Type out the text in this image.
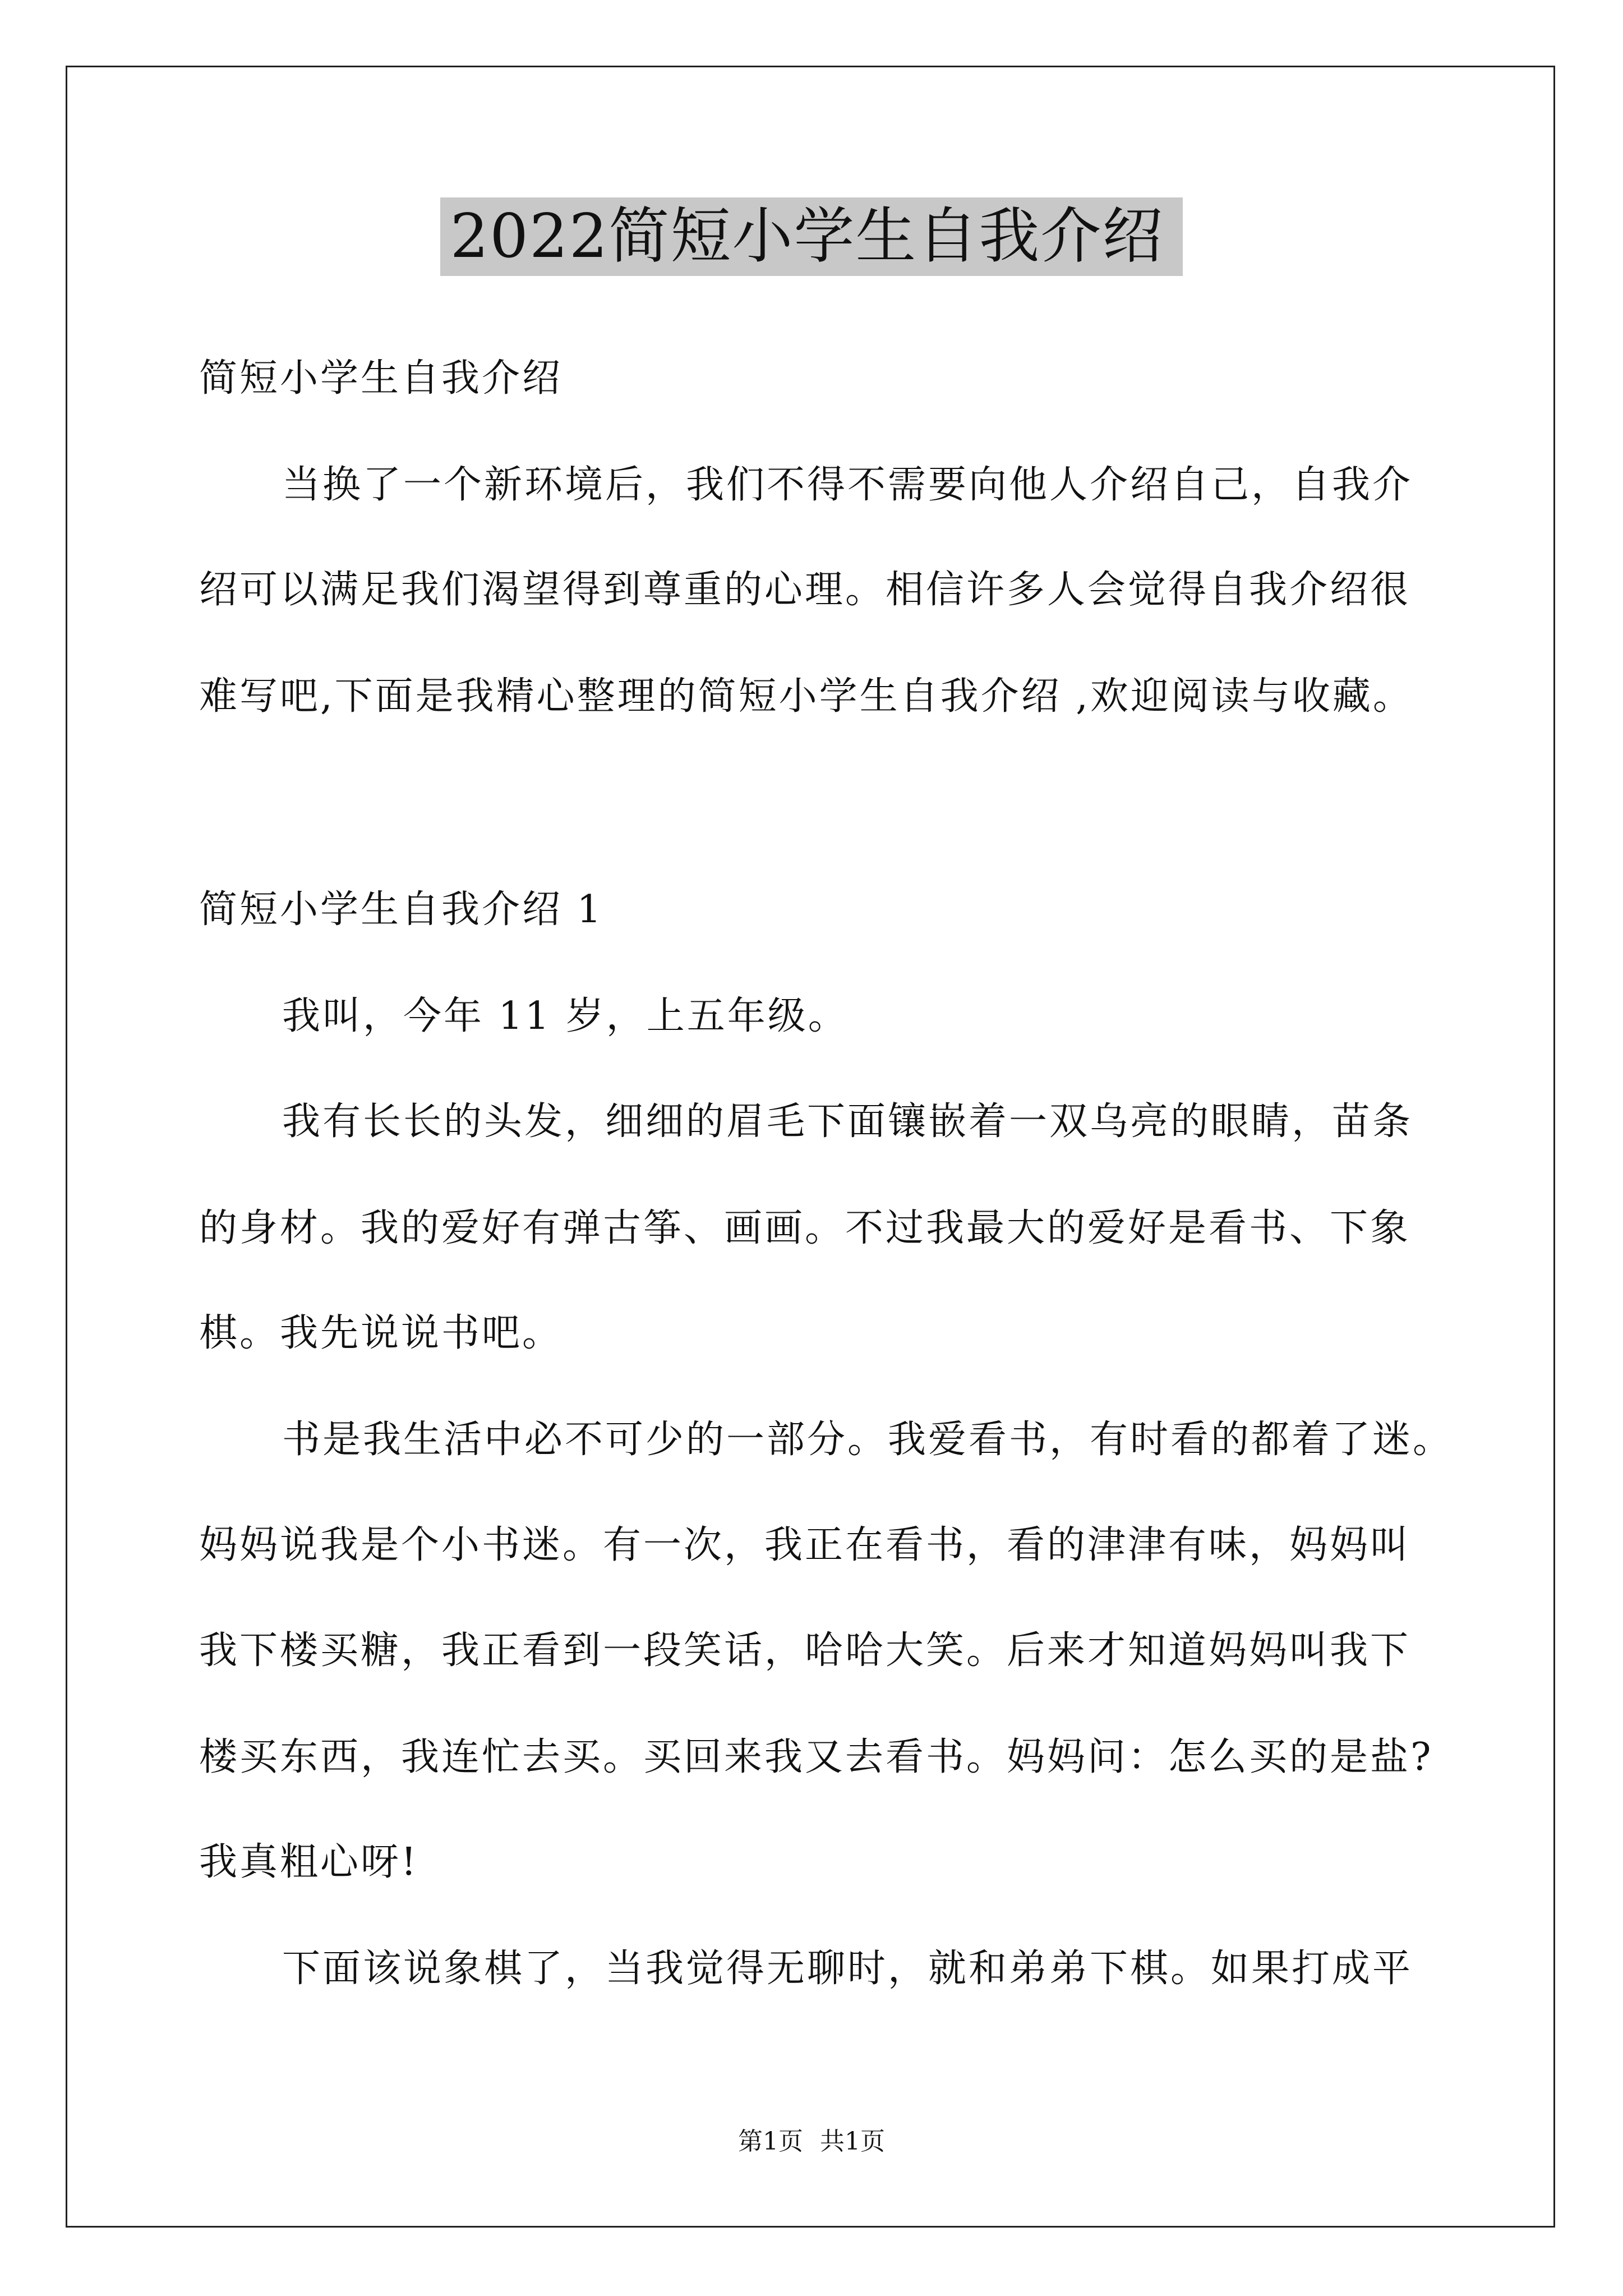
2022简短小学生自我介绍
简短小学生自我介绍
当换了一个新环境后，我们不得不需要向他人介绍自己，自我介
绍可以满足我们渴望得到尊重的心理。相信许多人会觉得自我介绍很
难写吧,下面是我精心整理的简短小学生自我介绍 ,欢迎阅读与收藏。
简短小学生自我介绍 1
我叫，今年 11 岁，上五年级。
我有长长的头发，细细的眉毛下面镶嵌着一双乌亮的眼睛，苗条
的身材。我的爱好有弹古筝、画画。不过我最大的爱好是看书、下象
棋。我先说说书吧。
书是我生活中必不可少的一部分。我爱看书，有时看的都着了迷。
妈妈说我是个小书迷。有一次，我正在看书，看的津津有味，妈妈叫
我下楼买糖，我正看到一段笑话，哈哈大笑。后来才知道妈妈叫我下
楼买东西，我连忙去买。买回来我又去看书。妈妈问：怎么买的是盐?
我真粗心呀!
下面该说象棋了，当我觉得无聊时，就和弟弟下棋。如果打成平
第1页 共1页
